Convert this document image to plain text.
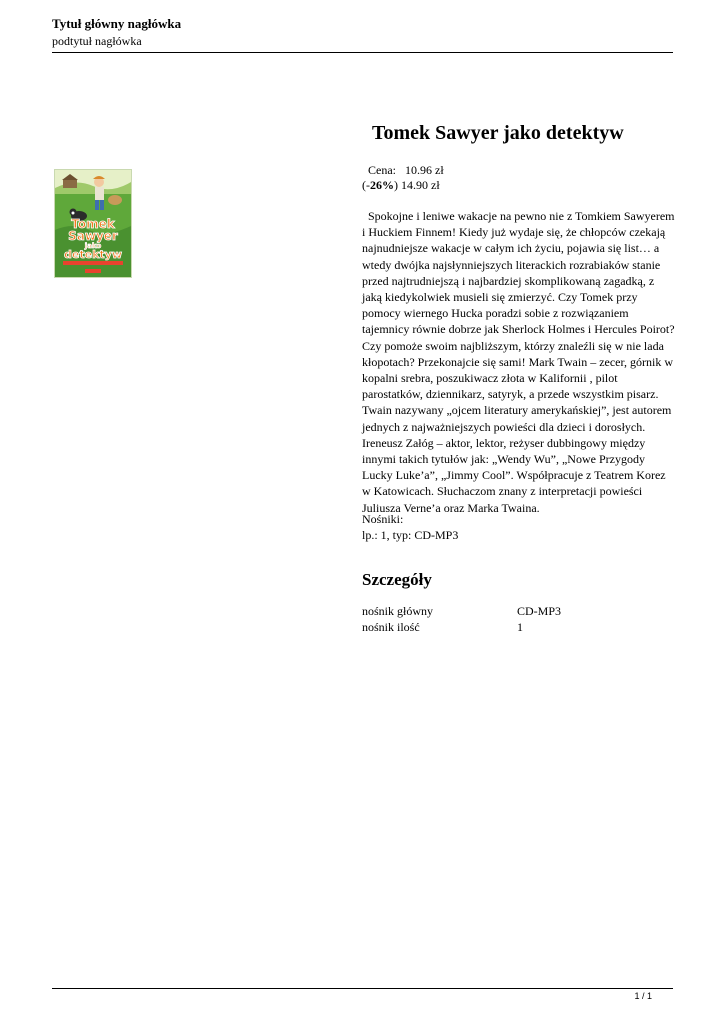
Tytuł główny nagłówka
podtytuł nagłówka
Tomek
Sawyer
jako
detektyw
Tomek Sawyer jako detektyw
Cena: 10.96 zł
(-26%) 14.90 zł

Spokojne i leniwe wakacje na pewno nie z Tomkiem Sawyerem i Huckiem Finnem! Kiedy już wydaje się, że chłopców czekają najnudniejsze wakacje w całym ich życiu, pojawia się list… a wtedy dwójka najsłynniejszych literackich rozrabiaków stanie przed najtrudniejszą i najbardziej skomplikowaną zagadką, z jaką kiedykolwiek musieli się zmierzyć. Czy Tomek przy pomocy wiernego Hucka poradzi sobie z rozwiązaniem tajemnicy równie dobrze jak Sherlock Holmes i Hercules Poirot? Czy pomoże swoim najbliższym, którzy znaleźli się w nie lada kłopotach? Przekonajcie się sami! Mark Twain – zecer, górnik w kopalni srebra, poszukiwacz złota w Kalifornii , pilot parostatków, dziennikarz, satyryk, a przede wszystkim pisarz. Twain nazywany „ojcem literatury amerykańskiej”, jest autorem jednych z najważniejszych powieści dla dzieci i dorosłych. Ireneusz Załóg – aktor, lektor, reżyser dubbingowy między innymi takich tytułów jak: „Wendy Wu”, „Nowe Przygody Lucky Luke’a”, „Jimmy Cool”. Współpracuje z Teatrem Korez w Katowicach. Słuchaczom znany z interpretacji powieści Juliusza Verne’a oraz Marka Twaina.

Nośniki:
lp.: 1, typ: CD-MP3
Szczegóły
nośnik główny	CD-MP3
nośnik ilość	1
1 / 1
